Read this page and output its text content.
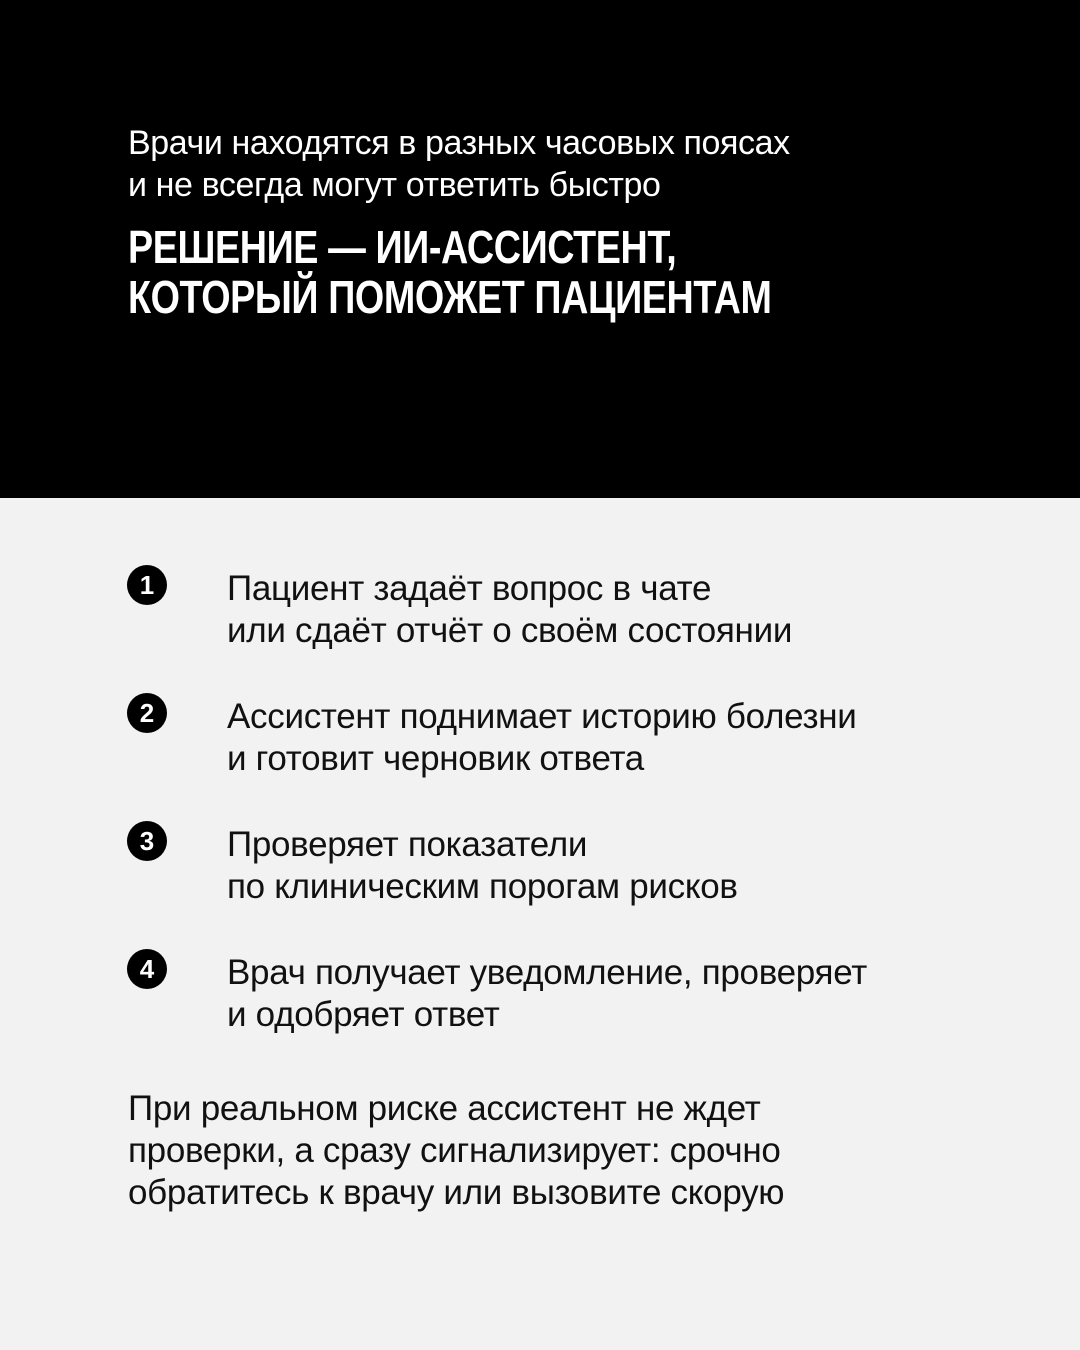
Врачи находятся в разных часовых поясах
и не всегда могут ответить быстро
РЕШЕНИЕ — ИИ-АССИСТЕНТ,
КОТОРЫЙ ПОМОЖЕТ ПАЦИЕНТАМ
1	Пациент задаёт вопрос в чате
или сдаёт отчёт о своём состоянии
2	Ассистент поднимает историю болезни
и готовит черновик ответа
3	Проверяет показатели
по клиническим порогам рисков
4	Врач получает уведомление, проверяет
и одобряет ответ
При реальном риске ассистент не ждет
проверки, а сразу сигнализирует: срочно
обратитесь к врачу или вызовите скорую
